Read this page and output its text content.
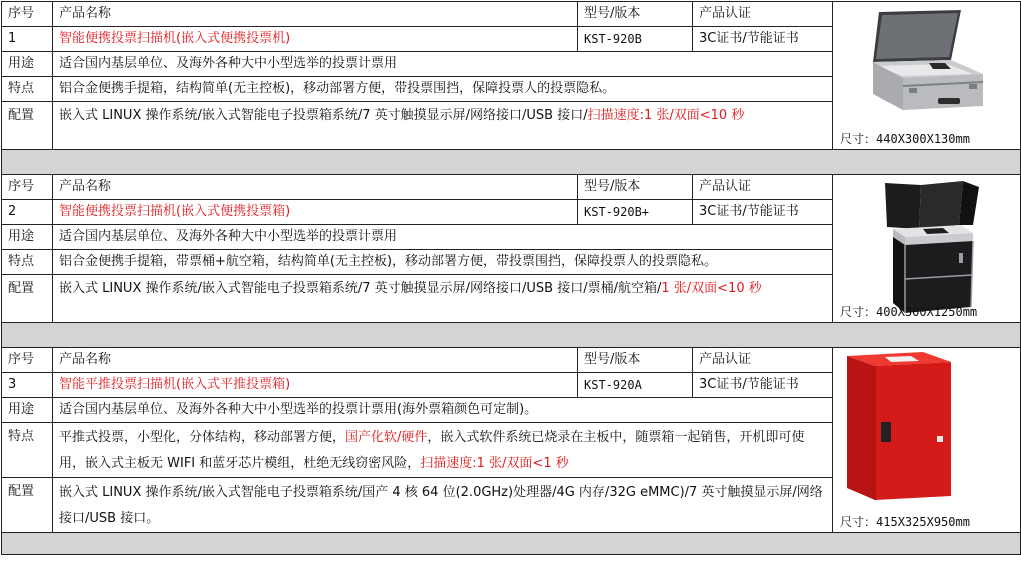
序号	产品名称	型号/版本	产品认证	尺寸：440X300X130mm

1	智能便携投票扫描机(嵌入式便携投票机)	KST-920B	3C证书/节能证书	
用途	适合国内基层单位、及海外各种大中小型选举的投票计票用			
特点	铝合金便携手提箱，结构简单(无主控板)，移动部署方便，带投票围挡，保障投票人的投票隐私。			
配置	嵌入式 LINUX 操作系统/嵌入式智能电子投票箱系统/7 英寸触摸显示屏/网络接口/USB 接口/扫描速度:1 张/双面<10 秒			

序号	产品名称	型号/版本	产品认证	尺寸：400X300X1250mm

2	智能便携投票扫描机(嵌入式便携投票箱)	KST-920B+	3C证书/节能证书	
用途	适合国内基层单位、及海外各种大中小型选举的投票计票用			
特点	铝合金便携手提箱，带票桶+航空箱，结构简单(无主控板)，移动部署方便，带投票围挡，保障投票人的投票隐私。			
配置	嵌入式 LINUX 操作系统/嵌入式智能电子投票箱系统/7 英寸触摸显示屏/网络接口/USB 接口/票桶/航空箱/1 张/双面<10 秒			

序号	产品名称	型号/版本	产品认证	尺寸：415X325X950mm

3	智能平推投票扫描机(嵌入式平推投票箱)	KST-920A	3C证书/节能证书	
用途	适合国内基层单位、及海外各种大中小型选举的投票计票用(海外票箱颜色可定制)。			
特点	平推式投票，小型化，分体结构，移动部署方便，国产化软/硬件，嵌入式软件系统已烧录在主板中，随票箱一起销售，开机即可使用，嵌入式主板无 WIFI 和蓝牙芯片模组，杜绝无线窃密风险，扫描速度:1 张/双面<1 秒			
配置	嵌入式 LINUX 操作系统/嵌入式智能电子投票箱系统/国产 4 核 64 位(2.0GHz)处理器/4G 内存/32G eMMC)/7 英寸触摸显示屏/网络接口/USB 接口。			
